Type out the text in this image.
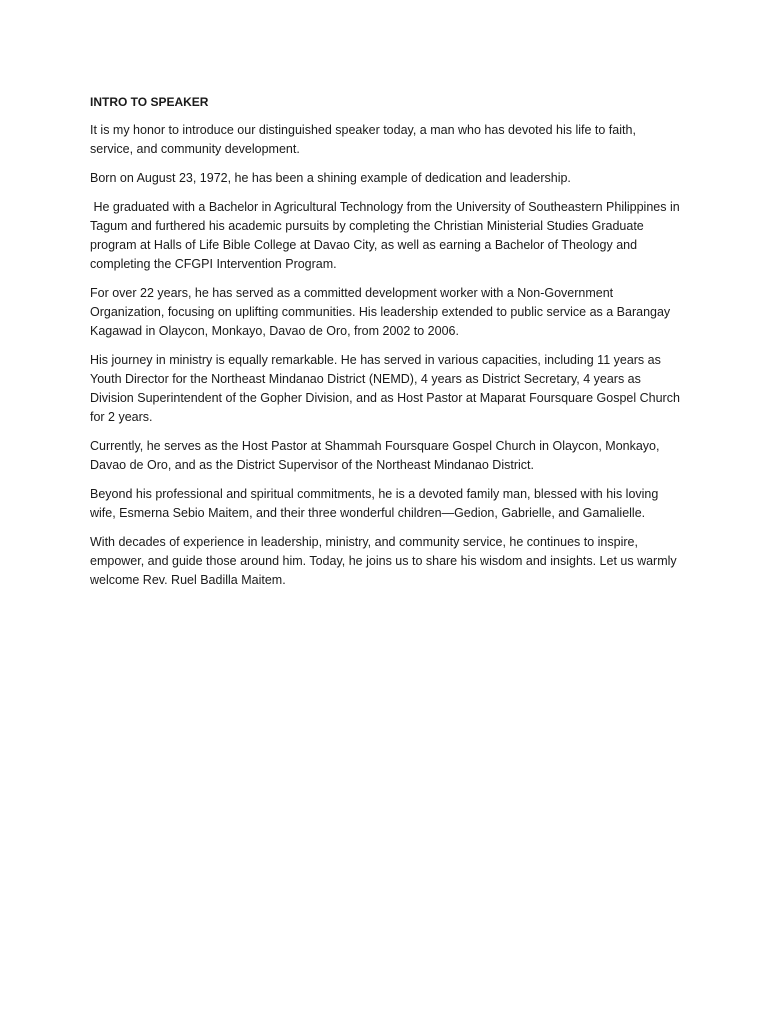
INTRO TO SPEAKER

It is my honor to introduce our distinguished speaker today, a man who has devoted his life to faith, service, and community development.

Born on August 23, 1972, he has been a shining example of dedication and leadership.

He graduated with a Bachelor in Agricultural Technology from the University of Southeastern Philippines in Tagum and furthered his academic pursuits by completing the Christian Ministerial Studies Graduate program at Halls of Life Bible College at Davao City, as well as earning a Bachelor of Theology and completing the CFGPI Intervention Program.

For over 22 years, he has served as a committed development worker with a Non-Government Organization, focusing on uplifting communities. His leadership extended to public service as a Barangay Kagawad in Olaycon, Monkayo, Davao de Oro, from 2002 to 2006.

His journey in ministry is equally remarkable. He has served in various capacities, including 11 years as Youth Director for the Northeast Mindanao District (NEMD), 4 years as District Secretary, 4 years as Division Superintendent of the Gopher Division, and as Host Pastor at Maparat Foursquare Gospel Church for 2 years.

Currently, he serves as the Host Pastor at Shammah Foursquare Gospel Church in Olaycon, Monkayo, Davao de Oro, and as the District Supervisor of the Northeast Mindanao District.

Beyond his professional and spiritual commitments, he is a devoted family man, blessed with his loving wife, Esmerna Sebio Maitem, and their three wonderful children—Gedion, Gabrielle, and Gamalielle.

With decades of experience in leadership, ministry, and community service, he continues to inspire, empower, and guide those around him. Today, he joins us to share his wisdom and insights. Let us warmly welcome Rev. Ruel Badilla Maitem.
